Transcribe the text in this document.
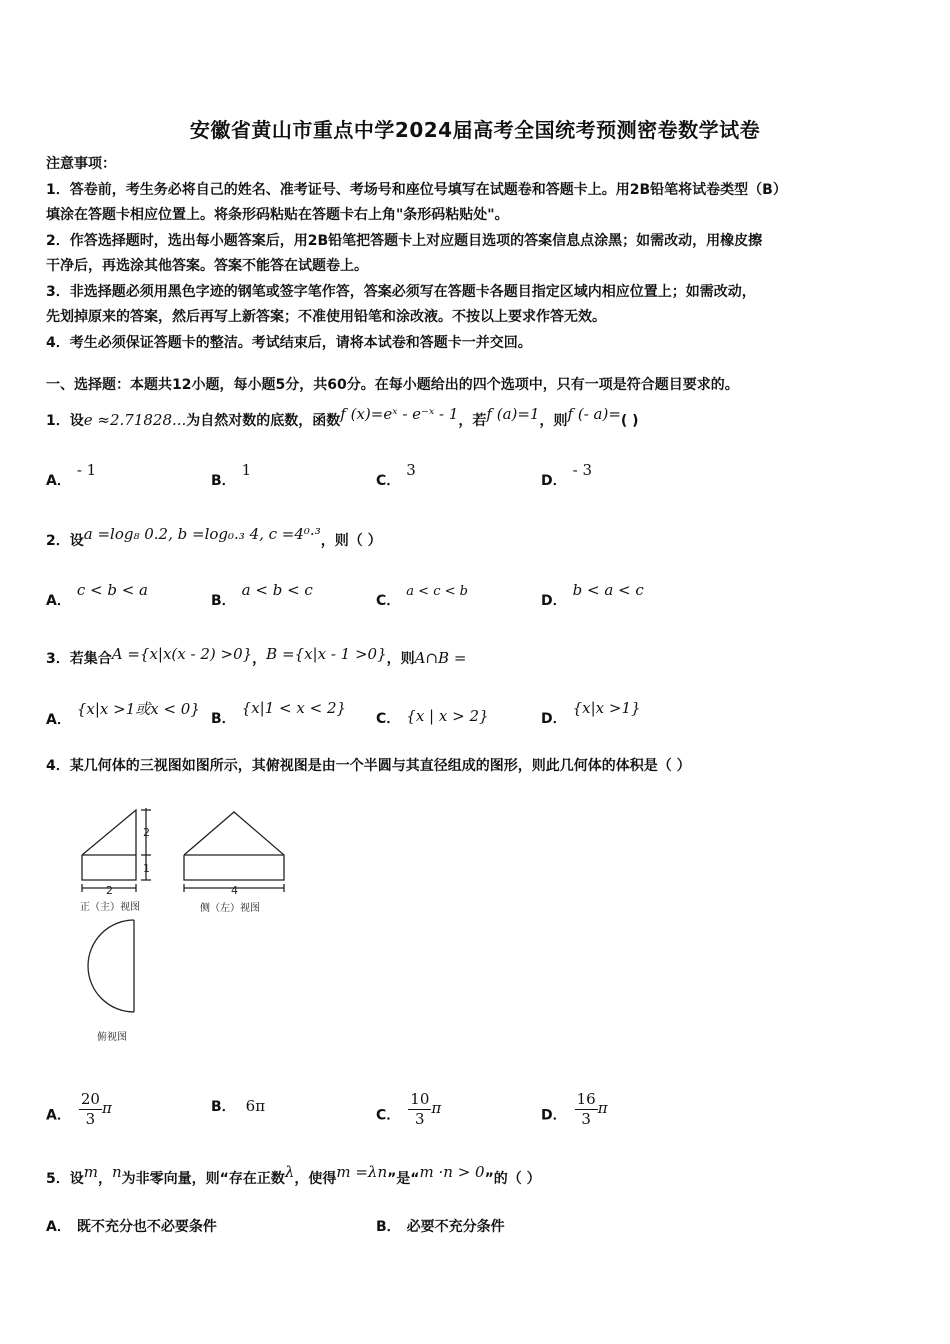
安徽省黄山市重点中学2024届高考全国统考预测密卷数学试卷
注意事项：
1．答卷前，考生务必将自己的姓名、准考证号、考场号和座位号填写在试题卷和答题卡上。用2B铅笔将试卷类型（B）
填涂在答题卡相应位置上。将条形码粘贴在答题卡右上角"条形码粘贴处"。
2．作答选择题时，选出每小题答案后，用2B铅笔把答题卡上对应题目选项的答案信息点涂黑；如需改动，用橡皮擦
干净后，再选涂其他答案。答案不能答在试题卷上。
3．非选择题必须用黑色字迹的钢笔或签字笔作答，答案必须写在答题卡各题目指定区域内相应位置上；如需改动，
先划掉原来的答案，然后再写上新答案；不准使用铅笔和涂改液。不按以上要求作答无效。
4．考生必须保证答题卡的整洁。考试结束后，请将本试卷和答题卡一并交回。
一、选择题：本题共12小题，每小题5分，共60分。在每小题给出的四个选项中，只有一项是符合题目要求的。
1．设e ≈2.71828...为自然对数的底数，函数f (x)=eˣ - e⁻ˣ - 1，若f (a)=1，则f (- a)=( )
A．- 1
B．1
C．3
D．- 3
2．设a =log₈ 0.2, b =log₀.₃ 4, c =4⁰·³，则（ ）
A．c < b < a
B．a < b < c
C．a < c < b
D．b < a < c
3．若集合A ={x|x(x - 2) >0}，B ={x|x - 1 >0}，则A∩B =
A．{x|x >1或x < 0}
B．{x|1 < x < 2}
C． {x | x > 2}	D．{x|x >1}
4．某几何体的三视图如图所示，其俯视图是由一个半圆与其直径组成的图形，则此几何体的体积是（ ）
2
1
2
正（主）视图
4
侧（左）视图
俯视图
A． $\frac{20}{3}$ π	B． 6π
C． $\frac{10}{3}$ π	D． $\frac{16}{3}$ π
5．设m，n为非零向量，则“存在正数λ，使得m =λn”是“m ·n > 0”的（ ）
A． 既不充分也不必要条件	B． 必要不充分条件
